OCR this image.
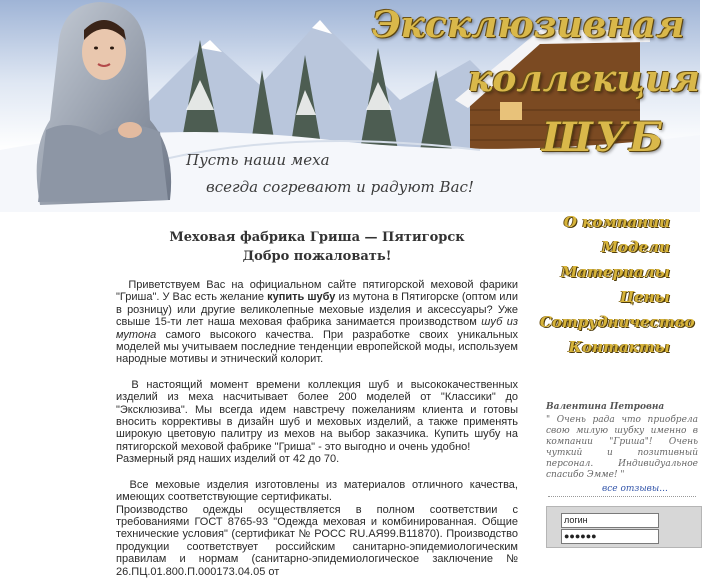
Эксклюзивная
коллекция
ШУБ
Пусть наши меха
всегда согревают и радуют Вас!
Меховая фабрика Гриша — Пятигорск
Добро пожаловать!
Приветствуем Вас на официальном сайте пятигорской меховой фарики "Гриша". У Вас есть желание купить шубу из мутона в Пятигорске (оптом или в розницу) или другие великолепные меховые изделия и аксессуары? Уже свыше 15-ти лет наша меховая фабрика занимается производством шуб из мутона самого высокого качества. При разработке своих уникальных моделей мы учитываем последние тенденции европейской моды, используем народные мотивы и этнический колорит.
В настоящий момент времени коллекция шуб и высококачественных изделий из меха насчитывает более 200 моделей от "Классики" до "Эксклюзива". Мы всегда идем навстречу пожеланиям клиента и готовы вносить коррективы в дизайн шуб и меховых изделий, а также применять широкую цветовую палитру из мехов на выбор заказчика. Купить шубу на пятигорской меховой фабрике "Гриша" - это выгодно и очень удобно!
Размерный ряд наших изделий от 42 до 70.
Все меховые изделия изготовлены из материалов отличного качества, имеющих соответствующие сертификаты.
Производство одежды осуществляется в полном соответствии с требованиями ГОСТ 8765-93 "Одежда меховая и комбинированная. Общие технические условия" (сертификат № РОСС RU.АЯ99.В11870). Производство продукции соответствует российским санитарно-эпидемиологическим правилам и нормам (санитарно-эпидемиологическое заключение № 26.ПЦ.01.800.П.000173.04.05 от
О компании
Модели
Материалы
Цены
Сотрудничество
Контакты
Валентина Петровна
" Очень рада что приобрела свою милую шубку именно в компании "Гриша"! Очень чуткий и позитивный персонал. Индивидуальное спасибо Эмме! "
все отзывы...
логин
●●●●●●
